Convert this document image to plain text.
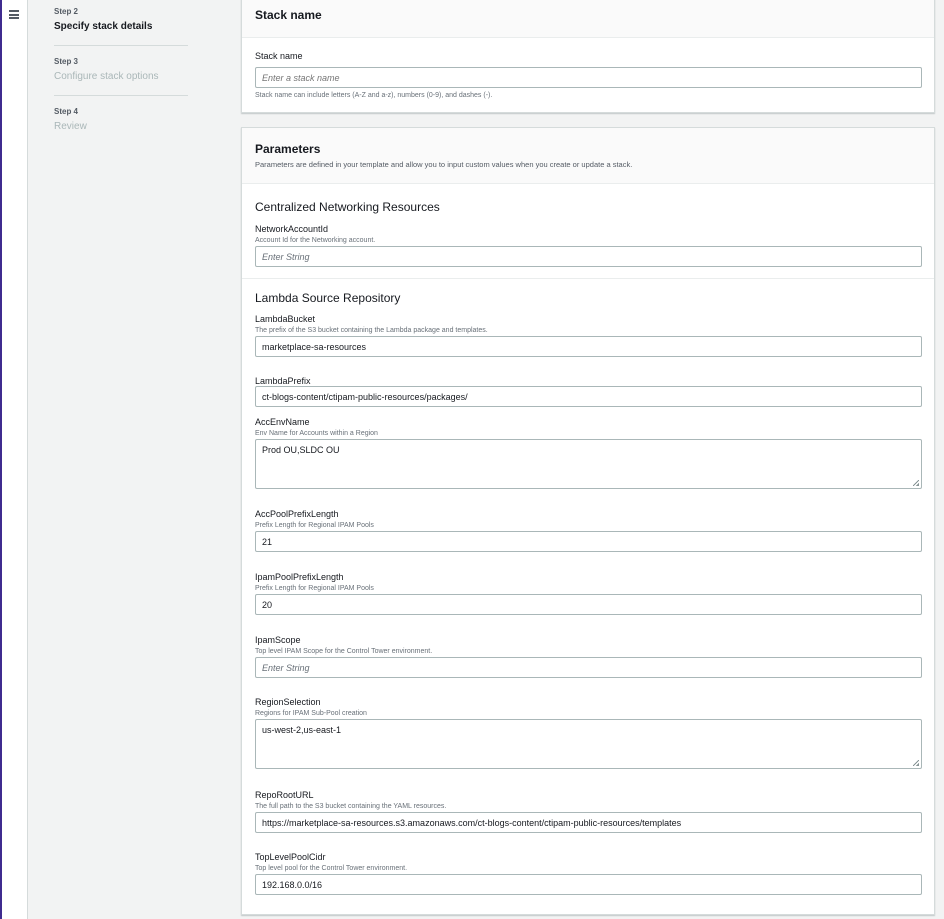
Step 2
Specify stack details
Step 3
Configure stack options
Step 4
Review
Stack name
Stack name
Enter a stack name
Stack name can include letters (A-Z and a-z), numbers (0-9), and dashes (-).
Parameters
Parameters are defined in your template and allow you to input custom values when you create or update a stack.
Centralized Networking Resources
Lambda Source Repository
NetworkAccountId
Account Id for the Networking account.
Enter String
LambdaBucket
The prefix of the S3 bucket containing the Lambda package and templates.
marketplace-sa-resources
LambdaPrefix
ct-blogs-content/ctipam-public-resources/packages/
AccEnvName
Env Name for Accounts within a Region
Prod OU,SLDC OU
AccPoolPrefixLength
Prefix Length for Regional IPAM Pools
21
IpamPoolPrefixLength
Prefix Length for Regional IPAM Pools
20
IpamScope
Top level IPAM Scope for the Control Tower environment.
Enter String
RegionSelection
Regions for IPAM Sub-Pool creation
us-west-2,us-east-1
RepoRootURL
The full path to the S3 bucket containing the YAML resources.
https://marketplace-sa-resources.s3.amazonaws.com/ct-blogs-content/ctipam-public-resources/templates
TopLevelPoolCidr
Top level pool for the Control Tower environment.
192.168.0.0/16
